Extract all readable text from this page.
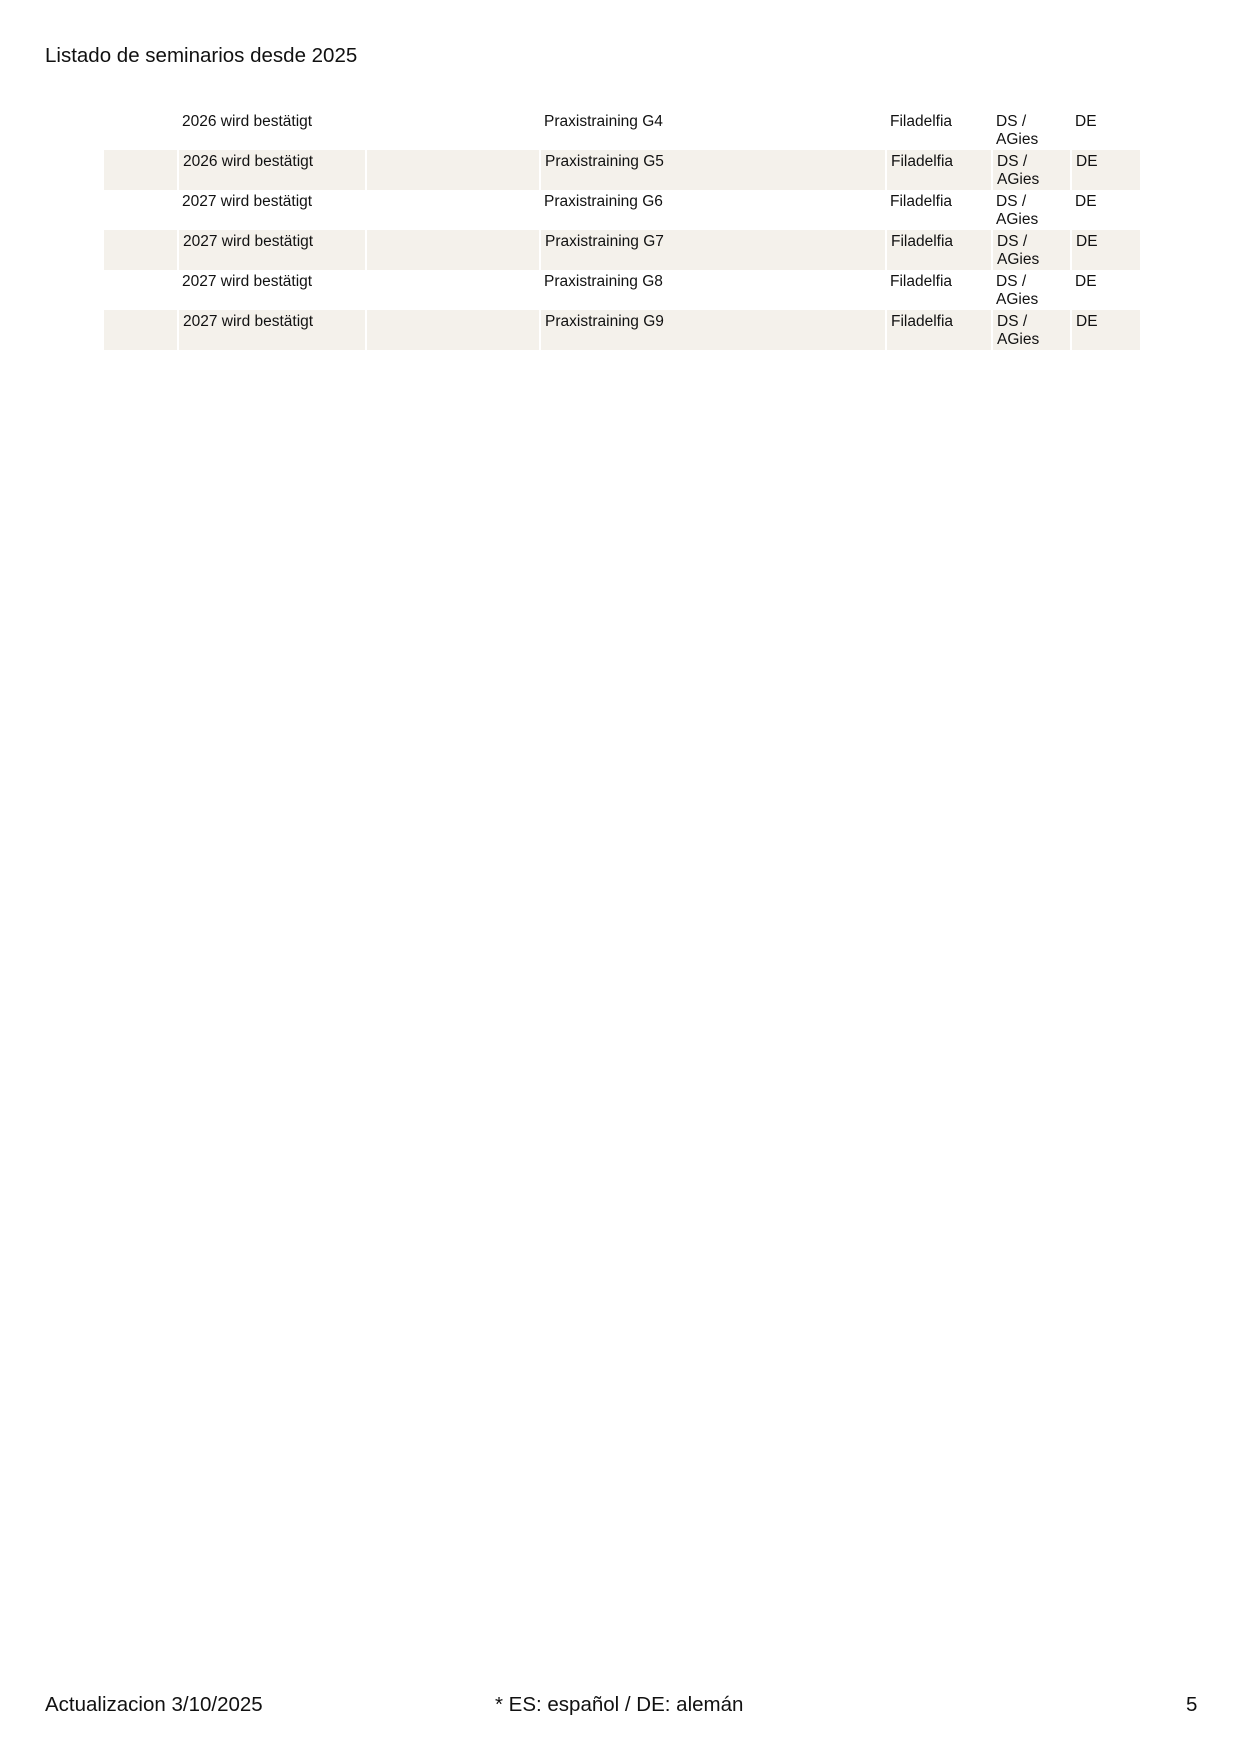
Listado de seminarios desde 2025
	2026 wird bestätigt		Praxistraining G4	Filadelfia	DS / AGies	DE
	2026 wird bestätigt		Praxistraining G5	Filadelfia	DS / AGies	DE
	2027 wird bestätigt		Praxistraining G6	Filadelfia	DS / AGies	DE
	2027 wird bestätigt		Praxistraining G7	Filadelfia	DS / AGies	DE
	2027 wird bestätigt		Praxistraining G8	Filadelfia	DS / AGies	DE
	2027 wird bestätigt		Praxistraining G9	Filadelfia	DS / AGies	DE
Actualizacion 3/10/2025	* ES: español / DE: alemán	5
